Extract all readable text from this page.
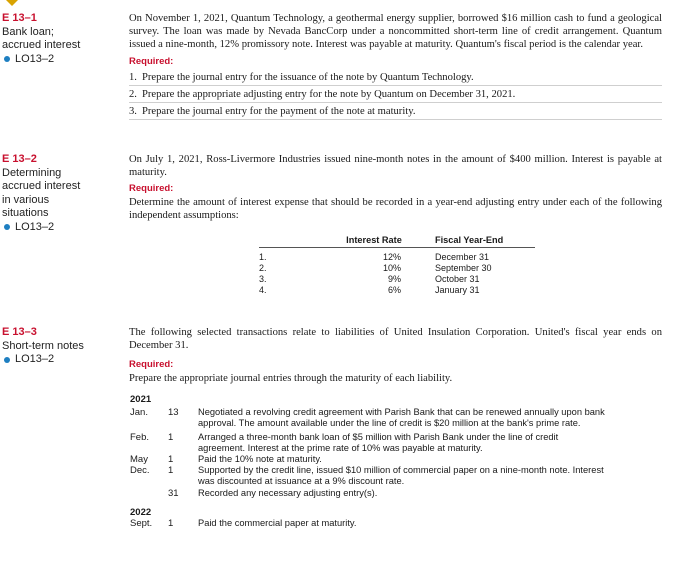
E 13–1
Bank loan;
accrued interest
LO13–2
On November 1, 2021, Quantum Technology, a geothermal energy supplier, borrowed $16 million cash to fund a geological survey. The loan was made by Nevada BancCorp under a noncommitted short-term line of credit arrangement. Quantum issued a nine-month, 12% promissory note. Interest was payable at maturity. Quantum's fiscal period is the calendar year.
Required:
1. Prepare the journal entry for the issuance of the note by Quantum Technology.
2. Prepare the appropriate adjusting entry for the note by Quantum on December 31, 2021.
3. Prepare the journal entry for the payment of the note at maturity.
E 13–2
Determining
accrued interest
in various
situations
LO13–2
On July 1, 2021, Ross-Livermore Industries issued nine-month notes in the amount of $400 million. Interest is payable at maturity.
Required:
Determine the amount of interest expense that should be recorded in a year-end adjusting entry under each of the following independent assumptions:
	Interest Rate	Fiscal Year-End
1.	12%	December 31
2.	10%	September 30
3.	9%	October 31
4.	6%	January 31
E 13–3
Short-term notes
LO13–2
The following selected transactions relate to liabilities of United Insulation Corporation. United's fiscal year ends on December 31.
Required:
Prepare the appropriate journal entries through the maturity of each liability.
2021
Jan. 13	Negotiated a revolving credit agreement with Parish Bank that can be renewed annually upon bank approval. The amount available under the line of credit is $20 million at the bank's prime rate.
Feb. 1	Arranged a three-month bank loan of $5 million with Parish Bank under the line of credit agreement. Interest at the prime rate of 10% was payable at maturity.
May 1	Paid the 10% note at maturity.
Dec. 1	Supported by the credit line, issued $10 million of commercial paper on a nine-month note. Interest was discounted at issuance at a 9% discount rate.
31	Recorded any necessary adjusting entry(s).
2022
Sept. 1	Paid the commercial paper at maturity.
